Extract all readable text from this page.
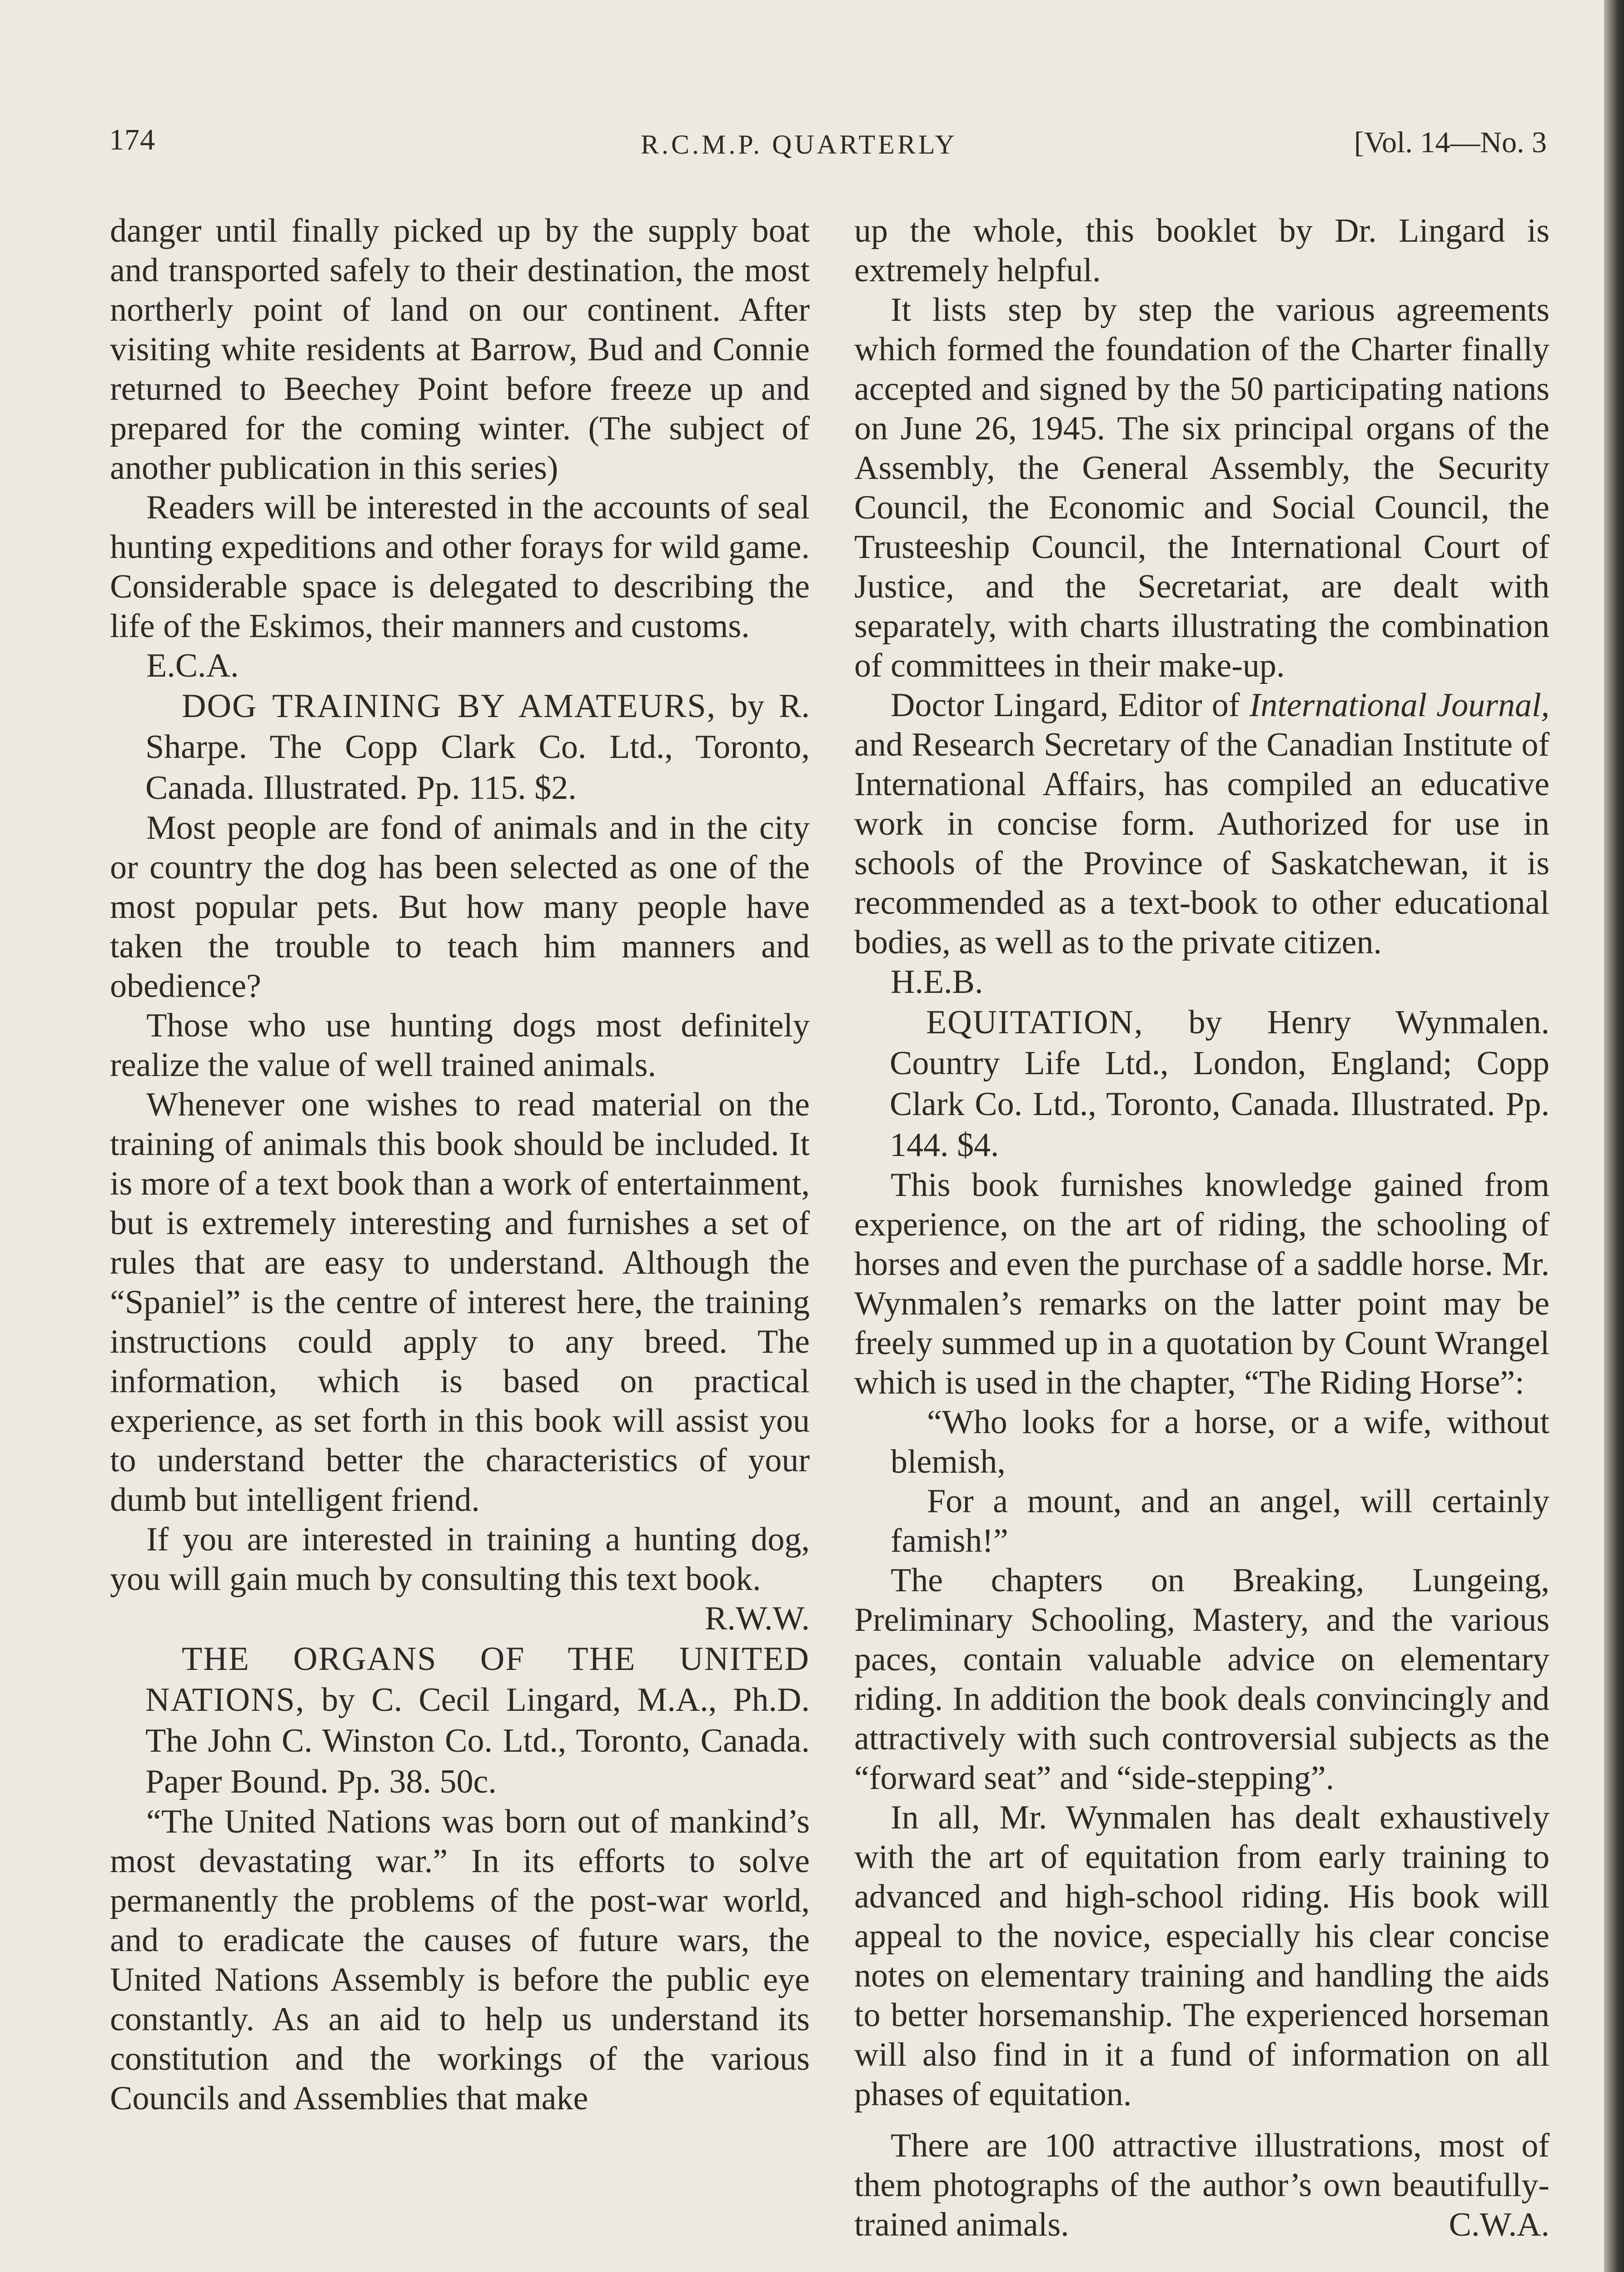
174	R.C.M.P. QUARTERLY	[Vol. 14—No. 3

danger until finally picked up by the supply boat and transported safely to their destination, the most northerly point of land on our continent. After visiting white residents at Barrow, Bud and Connie returned to Beechey Point before freeze up and prepared for the coming winter. (The subject of another publication in this series)

Readers will be interested in the accounts of seal hunting expeditions and other forays for wild game. Considerable space is delegated to describing the life of the Eskimos, their manners and customs.

E.C.A.

DOG TRAINING BY AMATEURS, by R. Sharpe. The Copp Clark Co. Ltd., Toronto, Canada. Illustrated. Pp. 115. $2.

Most people are fond of animals and in the city or country the dog has been selected as one of the most popular pets. But how many people have taken the trouble to teach him manners and obedience?

Those who use hunting dogs most definitely realize the value of well trained animals.

Whenever one wishes to read material on the training of animals this book should be included. It is more of a text book than a work of entertainment, but is extremely interesting and furnishes a set of rules that are easy to understand. Although the “Spaniel” is the centre of interest here, the training instructions could apply to any breed. The information, which is based on practical experience, as set forth in this book will assist you to understand better the characteristics of your dumb but intelligent friend.

If you are interested in training a hunting dog, you will gain much by consulting this text book.
R.W.W.

THE ORGANS OF THE UNITED NATIONS, by C. Cecil Lingard, M.A., Ph.D. The John C. Winston Co. Ltd., Toronto, Canada. Paper Bound. Pp. 38. 50c.

“The United Nations was born out of mankind’s most devastating war.” In its efforts to solve permanently the problems of the post-war world, and to eradicate the causes of future wars, the United Nations Assembly is before the public eye constantly. As an aid to help us understand its constitution and the workings of the various Councils and Assemblies that make

up the whole, this booklet by Dr. Lingard is extremely helpful.

It lists step by step the various agreements which formed the foundation of the Charter finally accepted and signed by the 50 participating nations on June 26, 1945. The six principal organs of the Assembly, the General Assembly, the Security Council, the Economic and Social Council, the Trusteeship Council, the International Court of Justice, and the Secretariat, are dealt with separately, with charts illustrating the combination of committees in their make-up.

Doctor Lingard, Editor of International Journal, and Research Secretary of the Canadian Institute of International Affairs, has compiled an educative work in concise form. Authorized for use in schools of the Province of Saskatchewan, it is recommended as a text-book to other educational bodies, as well as to the private citizen.

H.E.B.

EQUITATION, by Henry Wynmalen. Country Life Ltd., London, England; Copp Clark Co. Ltd., Toronto, Canada. Illustrated. Pp. 144. $4.

This book furnishes knowledge gained from experience, on the art of riding, the schooling of horses and even the purchase of a saddle horse. Mr. Wynmalen’s remarks on the latter point may be freely summed up in a quotation by Count Wrangel which is used in the chapter, “The Riding Horse”:

“Who looks for a horse, or a wife, without blemish,

For a mount, and an angel, will certainly famish!”

The chapters on Breaking, Lungeing, Preliminary Schooling, Mastery, and the various paces, contain valuable advice on elementary riding. In addition the book deals convincingly and attractively with such controversial subjects as the “forward seat” and “side-stepping”.

In all, Mr. Wynmalen has dealt exhaustively with the art of equitation from early training to advanced and high-school riding. His book will appeal to the novice, especially his clear concise notes on elementary training and handling the aids to better horsemanship. The experienced horseman will also find in it a fund of information on all phases of equitation.

There are 100 attractive illustrations, most of them photographs of the author’s own beautifully-trained animals.	C.W.A.
